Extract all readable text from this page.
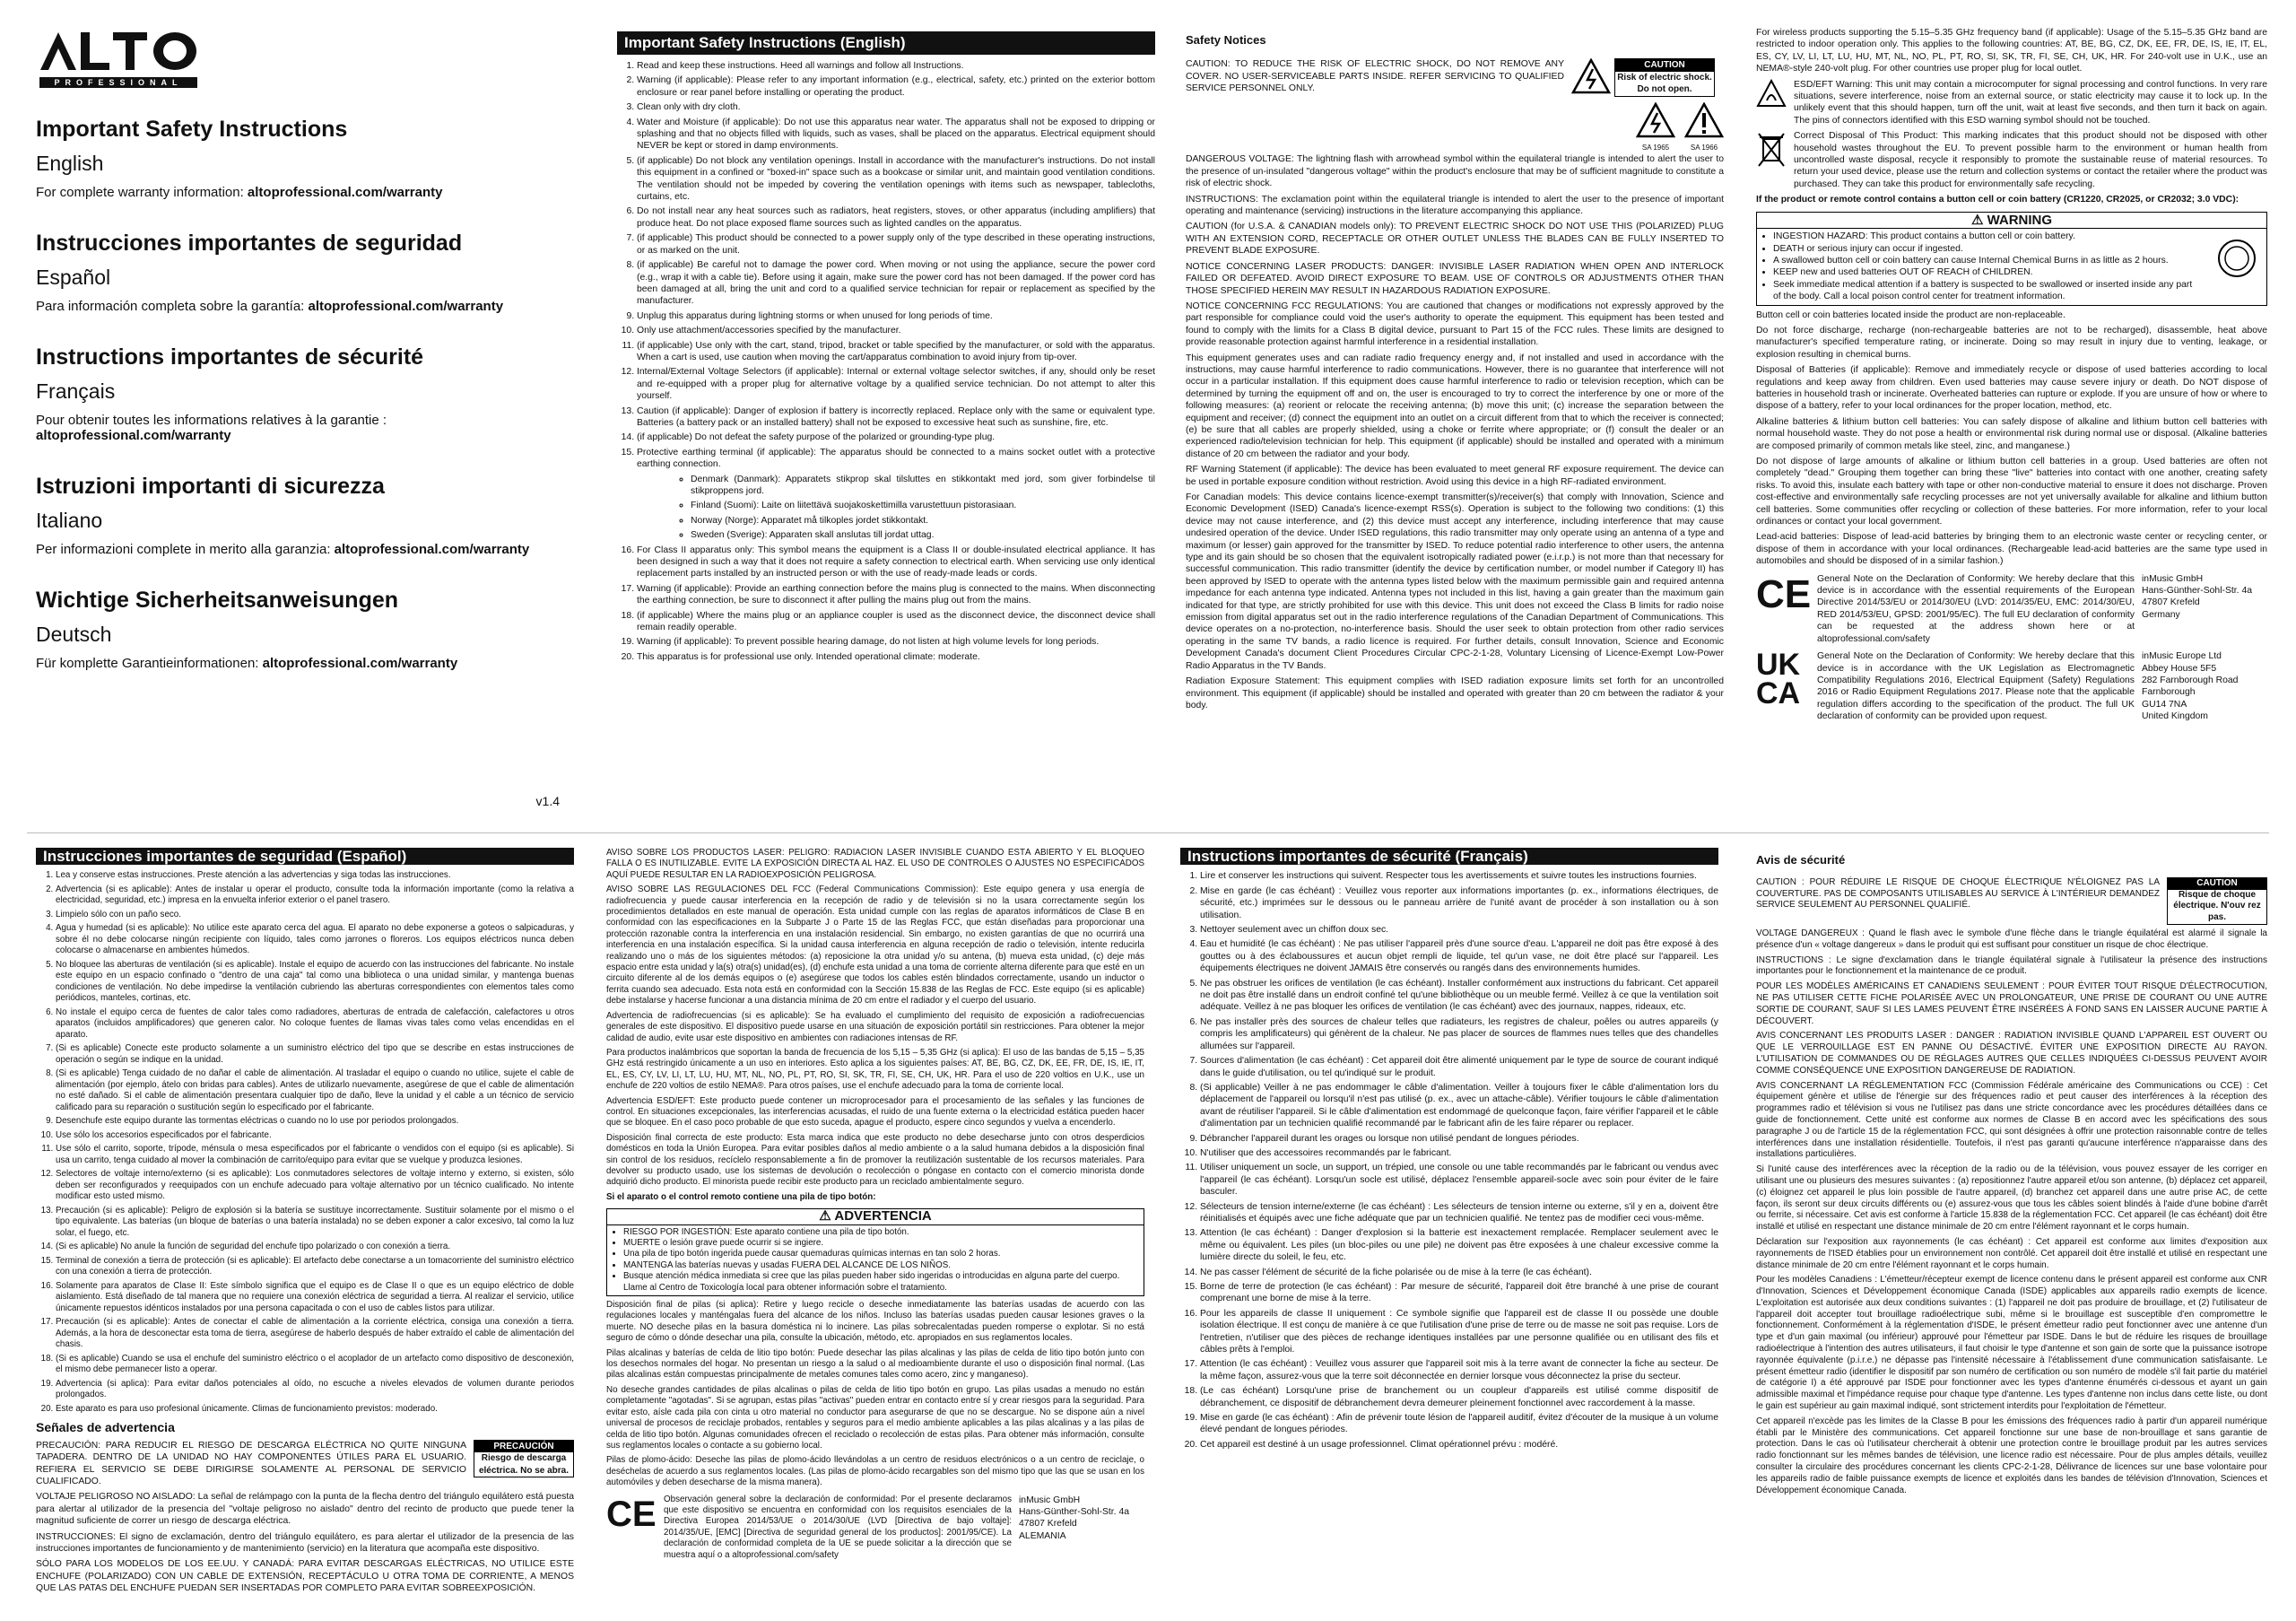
PROFESSIONAL
Important Safety Instructions
English
For complete warranty information: altoprofessional.com/warranty
Instrucciones importantes de seguridad
Español
Para información completa sobre la garantía: altoprofessional.com/warranty
Instructions importantes de sécurité
Français
Pour obtenir toutes les informations relatives à la garantie : altoprofessional.com/warranty
Istruzioni importanti di sicurezza
Italiano
Per informazioni complete in merito alla garanzia: altoprofessional.com/warranty
Wichtige Sicherheitsanweisungen
Deutsch
Für komplette Garantieinformationen: altoprofessional.com/warranty
v1.4
Important Safety Instructions (English)
1. Read and keep these instructions. Heed all warnings and follow all Instructions.
2. Warning (if applicable): Please refer to any important information (e.g., electrical, safety, etc.) printed on the exterior bottom enclosure or rear panel before installing or operating the product.
3. Clean only with dry cloth.
4. Water and Moisture (if applicable): Do not use this apparatus near water. The apparatus shall not be exposed to dripping or splashing and that no objects filled with liquids, such as vases, shall be placed on the apparatus. Electrical equipment should NEVER be kept or stored in damp environments.
5. (if applicable) Do not block any ventilation openings. Install in accordance with the manufacturer's instructions. Do not install this equipment in a confined or "boxed-in" space such as a bookcase or similar unit, and maintain good ventilation conditions. The ventilation should not be impeded by covering the ventilation openings with items such as newspaper, tablecloths, curtains, etc.
6. Do not install near any heat sources such as radiators, heat registers, stoves, or other apparatus (including amplifiers) that produce heat. Do not place exposed flame sources such as lighted candles on the apparatus.
7. (if applicable) This product should be connected to a power supply only of the type described in these operating instructions, or as marked on the unit.
8. (if applicable) Be careful not to damage the power cord. When moving or not using the appliance, secure the power cord (e.g., wrap it with a cable tie). Before using it again, make sure the power cord has not been damaged. If the power cord has been damaged at all, bring the unit and cord to a qualified service technician for repair or replacement as specified by the manufacturer.
9. Unplug this apparatus during lightning storms or when unused for long periods of time.
10. Only use attachment/accessories specified by the manufacturer.
11. (if applicable) Use only with the cart, stand, tripod, bracket or table specified by the manufacturer, or sold with the apparatus. When a cart is used, use caution when moving the cart/apparatus combination to avoid injury from tip-over.
12. Internal/External Voltage Selectors (if applicable): Internal or external voltage selector switches, if any, should only be reset and re-equipped with a proper plug for alternative voltage by a qualified service technician. Do not attempt to alter this yourself.
13. Caution (if applicable): Danger of explosion if battery is incorrectly replaced. Replace only with the same or equivalent type. Batteries (a battery pack or an installed battery) shall not be exposed to excessive heat such as sunshine, fire, etc.
14. (if applicable) Do not defeat the safety purpose of the polarized or grounding-type plug.
15. Protective earthing terminal (if applicable): The apparatus should be connected to a mains socket outlet with a protective earthing connection.
◦ Denmark (Danmark): Apparatets stikprop skal tilsluttes en stikkontakt med jord, som giver forbindelse til stikproppens jord.
◦ Finland (Suomi): Laite on liitettävä suojakoskettimilla varustettuun pistorasiaan.
◦ Norway (Norge): Apparatet må tilkoples jordet stikkontakt.
◦ Sweden (Sverige): Apparaten skall anslutas till jordat uttag.
16. For Class II apparatus only: This symbol means the equipment is a Class II or double-insulated electrical appliance. It has been designed in such a way that it does not require a safety connection to electrical earth. When servicing use only identical replacement parts installed by an instructed person or with the use of ready-made leads or cords.
17. Warning (if applicable): Provide an earthing connection before the mains plug is connected to the mains. When disconnecting the earthing connection, be sure to disconnect it after pulling the mains plug out from the mains.
18. (if applicable) Where the mains plug or an appliance coupler is used as the disconnect device, the disconnect device shall remain readily operable.
19. Warning (if applicable): To prevent possible hearing damage, do not listen at high volume levels for long periods.
20. This apparatus is for professional use only. Intended operational climate: moderate.
Safety Notices

CAUTION: TO REDUCE THE RISK OF ELECTRIC SHOCK, DO NOT REMOVE ANY COVER. NO USER-SERVICEABLE PARTS INSIDE. REFER SERVICING TO QUALIFIED SERVICE PERSONNEL ONLY.

CAUTION
Risk of electric shock. Do not open.
SA 1965	SA 1966

DANGEROUS VOLTAGE: The lightning flash with arrowhead symbol within the equilateral triangle is intended to alert the user to the presence of un-insulated "dangerous voltage" within the product's enclosure that may be of sufficient magnitude to constitute a risk of electric shock.

INSTRUCTIONS: The exclamation point within the equilateral triangle is intended to alert the user to the presence of important operating and maintenance (servicing) instructions in the literature accompanying this appliance.

CAUTION (for U.S.A. & CANADIAN models only): TO PREVENT ELECTRIC SHOCK DO NOT USE THIS (POLARIZED) PLUG WITH AN EXTENSION CORD, RECEPTACLE OR OTHER OUTLET UNLESS THE BLADES CAN BE FULLY INSERTED TO PREVENT BLADE EXPOSURE.

NOTICE CONCERNING LASER PRODUCTS: DANGER: INVISIBLE LASER RADIATION WHEN OPEN AND INTERLOCK FAILED OR DEFEATED. AVOID DIRECT EXPOSURE TO BEAM. USE OF CONTROLS OR ADJUSTMENTS OTHER THAN THOSE SPECIFIED HEREIN MAY RESULT IN HAZARDOUS RADIATION EXPOSURE.

NOTICE CONCERNING FCC REGULATIONS: You are cautioned that changes or modifications not expressly approved by the part responsible for compliance could void the user's authority to operate the equipment. This equipment has been tested and found to comply with the limits for a Class B digital device, pursuant to Part 15 of the FCC rules. These limits are designed to provide reasonable protection against harmful interference in a residential installation.

This equipment generates uses and can radiate radio frequency energy and, if not installed and used in accordance with the instructions, may cause harmful interference to radio communications. However, there is no guarantee that interference will not occur in a particular installation. If this equipment does cause harmful interference to radio or television reception, which can be determined by turning the equipment off and on, the user is encouraged to try to correct the interference by one or more of the following measures: (a) reorient or relocate the receiving antenna; (b) move this unit; (c) increase the separation between the equipment and receiver; (d) connect the equipment into an outlet on a circuit different from that to which the receiver is connected; (e) be sure that all cables are properly shielded, using a choke or ferrite where appropriate; or (f) consult the dealer or an experienced radio/television technician for help. This equipment (if applicable) should be installed and operated with a minimum distance of 20 cm between the radiator and your body.

RF Warning Statement (if applicable): The device has been evaluated to meet general RF exposure requirement. The device can be used in portable exposure condition without restriction. Avoid using this device in a high RF-radiated environment.

For Canadian models: This device contains licence-exempt transmitter(s)/receiver(s) that comply with Innovation, Science and Economic Development (ISED) Canada's licence-exempt RSS(s). Operation is subject to the following two conditions: (1) this device may not cause interference, and (2) this device must accept any interference, including interference that may cause undesired operation of the device. Under ISED regulations, this radio transmitter may only operate using an antenna of a type and maximum (or lesser) gain approved for the transmitter by ISED. To reduce potential radio interference to other users, the antenna type and its gain should be so chosen that the equivalent isotropically radiated power (e.i.r.p.) is not more than that necessary for successful communication. This radio transmitter (identify the device by certification number, or model number if Category II) has been approved by ISED to operate with the antenna types listed below with the maximum permissible gain and required antenna impedance for each antenna type indicated. Antenna types not included in this list, having a gain greater than the maximum gain indicated for that type, are strictly prohibited for use with this device. This unit does not exceed the Class B limits for radio noise emission from digital apparatus set out in the radio interference regulations of the Canadian Department of Communications. This device operates on a no-protection, no-interference basis. Should the user seek to obtain protection from other radio services operating in the same TV bands, a radio licence is required. For further details, consult Innovation, Science and Economic Development Canada's document Client Procedures Circular CPC-2-1-28, Voluntary Licensing of Licence-Exempt Low-Power Radio Apparatus in the TV Bands.

Radiation Exposure Statement: This equipment complies with ISED radiation exposure limits set forth for an uncontrolled environment. This equipment (if applicable) should be installed and operated with greater than 20 cm between the radiator & your body.

For wireless products supporting the 5.15–5.35 GHz frequency band (if applicable): Usage of the 5.15–5.35 GHz band are restricted to indoor operation only. This applies to the following countries: AT, BE, BG, CZ, DK, EE, FR, DE, IS, IE, IT, EL, ES, CY, LV, LI, LT, LU, HU, MT, NL, NO, PL, PT, RO, SI, SK, TR, FI, SE, CH, UK, HR. For 240-volt use in U.K., use an NEMA®-style 240-volt plug. For other countries use proper plug for local outlet.

ESD/EFT Warning: This unit may contain a microcomputer for signal processing and control functions. In very rare situations, severe interference, noise from an external source, or static electricity may cause it to lock up. In the unlikely event that this should happen, turn off the unit, wait at least five seconds, and then turn it back on again. The pins of connectors identified with this ESD warning symbol should not be touched.

Correct Disposal of This Product: This marking indicates that this product should not be disposed with other household wastes throughout the EU. To prevent possible harm to the environment or human health from uncontrolled waste disposal, recycle it responsibly to promote the sustainable reuse of material resources. To return your used device, please use the return and collection systems or contact the retailer where the product was purchased. They can take this product for environmentally safe recycling.

If the product or remote control contains a button cell or coin battery (CR1220, CR2025, or CR2032; 3.0 VDC):

⚠ WARNING
• INGESTION HAZARD: This product contains a button cell or coin battery.
• DEATH or serious injury can occur if ingested.
• A swallowed button cell or coin battery can cause Internal Chemical Burns in as little as 2 hours.
• KEEP new and used batteries OUT OF REACH of CHILDREN.
• Seek immediate medical attention if a battery is suspected to be swallowed or inserted inside any part of the body. Call a local poison control center for treatment information.

Button cell or coin batteries located inside the product are non-replaceable.

Do not force discharge, recharge (non-rechargeable batteries are not to be recharged), disassemble, heat above manufacturer's specified temperature rating, or incinerate. Doing so may result in injury due to venting, leakage, or explosion resulting in chemical burns.

Disposal of Batteries (if applicable): Remove and immediately recycle or dispose of used batteries according to local regulations and keep away from children. Even used batteries may cause severe injury or death. Do NOT dispose of batteries in household trash or incinerate. Overheated batteries can rupture or explode. If you are unsure of how or where to dispose of a battery, refer to your local ordinances for the proper location, method, etc.

Alkaline batteries & lithium button cell batteries: You can safely dispose of alkaline and lithium button cell batteries with normal household waste. They do not pose a health or environmental risk during normal use or disposal. (Alkaline batteries are composed primarily of common metals like steel, zinc, and manganese.)

Do not dispose of large amounts of alkaline or lithium button cell batteries in a group. Used batteries are often not completely "dead." Grouping them together can bring these "live" batteries into contact with one another, creating safety risks. To avoid this, insulate each battery with tape or other non-conductive material to ensure it does not discharge. Proven cost-effective and environmentally safe recycling processes are not yet universally available for alkaline and lithium button cell batteries. Some communities offer recycling or collection of these batteries. For more information, refer to your local ordinances or contact your local government.

Lead-acid batteries: Dispose of lead-acid batteries by bringing them to an electronic waste center or recycling center, or dispose of them in accordance with your local ordinances. (Rechargeable lead-acid batteries are the same type used in automobiles and should be disposed of in a similar fashion.)

CE General Note on the Declaration of Conformity: We hereby declare that this device is in accordance with the essential requirements of the European Directive 2014/53/EU or 2014/30/EU (LVD: 2014/35/EU, EMC: 2014/30/EU, RED 2014/53/EU, GPSD: 2001/95/EC). The full EU declaration of conformity can be requested at the address shown here or at altoprofessional.com/safety

inMusic GmbH
Hans-Günther-Sohl-Str. 4a
47807 Krefeld
Germany
UK
CA

General Note on the Declaration of Conformity: We hereby declare that this device is in accordance with the UK Legislation as Electromagnetic Compatibility Regulations 2016, Electrical Equipment (Safety) Regulations 2016 or Radio Equipment Regulations 2017. Please note that the applicable regulation differs according to the specification of the product. The full UK declaration of conformity can be provided upon request.

inMusic Europe Ltd
Abbey House 5F5
282 Farnborough Road
Farnborough
GU14 7NA
United Kingdom
Instrucciones importantes de seguridad (Español)
1. Lea y conserve estas instrucciones. Preste atención a las advertencias y siga todas las instrucciones.
2. Advertencia (si es aplicable): Antes de instalar u operar el producto, consulte toda la información importante (como la relativa a electricidad, seguridad, etc.) impresa en la envuelta inferior exterior o el panel trasero.
3. Limpielo sólo con un paño seco.
4. Agua y humedad (si es aplicable): No utilice este aparato cerca del agua. El aparato no debe exponerse a goteos o salpicaduras, y sobre él no debe colocarse ningún recipiente con líquido, tales como jarrones o floreros. Los equipos eléctricos nunca deben colocarse o almacenarse en ambientes húmedos.
5. No bloquee las aberturas de ventilación (si es aplicable). Instale el equipo de acuerdo con las instrucciones del fabricante. No instale este equipo en un espacio confinado o "dentro de una caja" tal como una biblioteca o una unidad similar, y mantenga buenas condiciones de ventilación. No debe impedirse la ventilación cubriendo las aberturas correspondientes con elementos tales como periódicos, manteles, cortinas, etc.
6. No instale el equipo cerca de fuentes de calor tales como radiadores, aberturas de entrada de calefacción, calefactores u otros aparatos (incluidos amplificadores) que generen calor. No coloque fuentes de llamas vivas tales como velas encendidas en el aparato.
7. (Si es aplicable) Conecte este producto solamente a un suministro eléctrico del tipo que se describe en estas instrucciones de operación o según se indique en la unidad.
8. (Si es aplicable) Tenga cuidado de no dañar el cable de alimentación. Al trasladar el equipo o cuando no utilice, sujete el cable de alimentación (por ejemplo, átelo con bridas para cables). Antes de utilizarlo nuevamente, asegúrese de que el cable de alimentación no esté dañado. Si el cable de alimentación presentara cualquier tipo de daño, lleve la unidad y el cable a un técnico de servicio calificado para su reparación o sustitución según lo especificado por el fabricante.
9. Desenchufe este equipo durante las tormentas eléctricas o cuando no lo use por periodos prolongados.
10. Use sólo los accesorios especificados por el fabricante.
11. Use sólo el carrito, soporte, trípode, ménsula o mesa especificados por el fabricante o vendidos con el equipo (si es aplicable). Si usa un carrito, tenga cuidado al mover la combinación de carrito/equipo para evitar que se vuelque y produzca lesiones.
12. Selectores de voltaje interno/externo (si es aplicable): Los conmutadores selectores de voltaje interno y externo, si existen, sólo deben ser reconfigurados y reequipados con un enchufe adecuado para voltaje alternativo por un técnico cualificado. No intente modificar esto usted mismo.
13. Precaución (si es aplicable): Peligro de explosión si la batería se sustituye incorrectamente. Sustituir solamente por el mismo o el tipo equivalente. Las baterías (un bloque de baterías o una batería instalada) no se deben exponer a calor excesivo, tal como la luz solar, el fuego, etc.
14. (Si es aplicable) No anule la función de seguridad del enchufe tipo polarizado o con conexión a tierra.
15. Terminal de conexión a tierra de protección (si es aplicable): El artefacto debe conectarse a un tomacorriente del suministro eléctrico con una conexión a tierra de protección.
16. Solamente para aparatos de Clase II: Este símbolo significa que el equipo es de Clase II o que es un equipo eléctrico de doble aislamiento. Está diseñado de tal manera que no requiere una conexión eléctrica de seguridad a tierra. Al realizar el servicio, utilice únicamente repuestos idénticos instalados por una persona capacitada o con el uso de cables listos para utilizar.
17. Precaución (si es aplicable): Antes de conectar el cable de alimentación a la corriente eléctrica, consiga una conexión a tierra. Además, a la hora de desconectar esta toma de tierra, asegúrese de haberlo después de haber extraído el cable de alimentación del chasis.
18. (Si es aplicable) Cuando se usa el enchufe del suministro eléctrico o el acoplador de un artefacto como dispositivo de desconexión, el mismo debe permanecer listo a operar.
19. Advertencia (si aplica): Para evitar daños potenciales al oído, no escuche a niveles elevados de volumen durante periodos prolongados.
20. Este aparato es para uso profesional únicamente. Climas de funcionamiento previstos: moderado.
Señales de advertencia

PRECAUCIÓN: PARA REDUCIR EL RIESGO DE DESCARGA ELÉCTRICA NO QUITE NINGUNA TAPADERA. DENTRO DE LA UNIDAD NO HAY COMPONENTES ÚTILES PARA EL USUARIO. REFIERA EL SERVICIO SE DEBE DIRIGIRSE SOLAMENTE AL PERSONAL DE SERVICIO CUALIFICADO.

PRECAUCIÓN
Riesgo de descarga eléctrica. No se abra.

VOLTAJE PELIGROSO NO AISLADO: La señal de relámpago con la punta de la flecha dentro del triángulo equilátero está puesta para alertar al utilizador de la presencia del "voltaje peligroso no aislado" dentro del recinto de producto que puede tener la magnitud suficiente de correr un riesgo de descarga eléctrica.

INSTRUCCIONES: El signo de exclamación, dentro del triángulo equilátero, es para alertar el utilizador de la presencia de las instrucciones importantes de funcionamiento y de mantenimiento (servicio) en la literatura que acompaña este dispositivo.

SÓLO PARA LOS MODELOS DE LOS EE.UU. Y CANADÁ: PARA EVITAR DESCARGAS ELÉCTRICAS, NO UTILICE ESTE ENCHUFE (POLARIZADO) CON UN CABLE DE EXTENSIÓN, RECEPTÁCULO U OTRA TOMA DE CORRIENTE, A MENOS QUE LAS PATAS DEL ENCHUFE PUEDAN SER INSERTADAS POR COMPLETO PARA EVITAR SOBREEXPOSICIÓN.

AVISO SOBRE LOS PRODUCTOS LÁSER: PELIGRO: RADIACIÓN LÁSER INVISIBLE CUANDO ESTÁ ABIERTO Y EL BLOQUEO FALLA O ES INUTILIZABLE. EVITE LA EXPOSICIÓN DIRECTA AL HAZ. EL USO DE CONTROLES O AJUSTES NO ESPECIFICADOS AQUÍ PUEDE RESULTAR EN LA RADIOEXPOSICIÓN PELIGROSA.

AVISO SOBRE LAS REGULACIONES DEL FCC (Federal Communications Commission): Este equipo genera y usa energía de radiofrecuencia y puede causar interferencia en la recepción de radio y de televisión si no la usara correctamente según los procedimientos detallados en este manual de operación. Esta unidad cumple con las reglas de aparatos informáticos de Clase B en conformidad con las especificaciones en la Subparte J o Parte 15 de las Reglas FCC, que están diseñadas para proporcionar una protección razonable contra la interferencia en una instalación residencial. Sin embargo, no existen garantías de que no ocurrirá una interferencia en una instalación específica. Si la unidad causa interferencia en alguna recepción de radio o televisión, intente reducirla realizando uno o más de los siguientes métodos: (a) reposicione la otra unidad y/o su antena, (b) mueva esta unidad, (c) deje más espacio entre esta unidad y la(s) otra(s) unidad(es), (d) enchufe esta unidad a una toma de corriente alterna diferente para que esté en un circuito diferente al de los demás equipos o (e) asegúrese que todos los cables estén blindados correctamente, usando un inductor o ferrita cuando sea adecuado. Esta nota está en conformidad con la Sección 15.838 de las Reglas de FCC. Este equipo (si es aplicable) debe instalarse y hacerse funcionar a una distancia mínima de 20 cm entre el radiador y el cuerpo del usuario.

Advertencia de radiofrecuencias (si es aplicable): Se ha evaluado el cumplimiento del requisito de exposición a radiofrecuencias generales de este dispositivo. El dispositivo puede usarse en una situación de exposición portátil sin restricciones. Para obtener la mejor calidad de audio, evite usar este dispositivo en ambientes con radiaciones intensas de RF.

Para productos inalámbricos que soportan la banda de frecuencia de los 5,15 – 5,35 GHz (si aplica): El uso de las bandas de 5,15 – 5,35 GHz está restringido únicamente a un uso en interiores. Esto aplica a los siguientes países: AT, BE, BG, CZ, DK, EE, FR, DE, IS, IE, IT, EL, ES, CY, LV, LI, LT, LU, HU, MT, NL, NO, PL, PT, RO, SI, SK, TR, FI, SE, CH, UK, HR. Para el uso de 220 voltios en U.K., use un enchufe de 220 voltios de estilo NEMA®. Para otros países, use el enchufe adecuado para la toma de corriente local.

Advertencia ESD/EFT: Este producto puede contener un microprocesador para el procesamiento de las señales y las funciones de control. En situaciones excepcionales, las interferencias acusadas, el ruido de una fuente externa o la electricidad estática pueden hacer que se bloquee. En el caso poco probable de que esto suceda, apague el producto, espere cinco segundos y vuelva a encenderlo.

Disposición final correcta de este producto: Esta marca indica que este producto no debe desecharse junto con otros desperdicios domésticos en toda la Unión Europea. Para evitar posibles daños al medio ambiente o a la salud humana debidos a la disposición final sin control de los residuos, recíclelo responsablemente a fin de promover la reutilización sustentable de los recursos materiales. Para devolver su producto usado, use los sistemas de devolución o recolección o póngase en contacto con el comercio minorista donde adquirió dicho producto. El minorista puede recibir este producto para un reciclado ambientalmente seguro.

Si el aparato o el control remoto contiene una pila de tipo botón:

⚠ ADVERTENCIA
• RIESGO POR INGESTIÓN: Este aparato contiene una pila de tipo botón.
• MUERTE o lesión grave puede ocurrir si se ingiere.
• Una pila de tipo botón ingerida puede causar quemaduras químicas internas en tan solo 2 horas.
• MANTENGA las baterías nuevas y usadas FUERA DEL ALCANCE DE LOS NIÑOS.
• Busque atención médica inmediata si cree que las pilas pueden haber sido ingeridas o introducidas en alguna parte del cuerpo. Llame al Centro de Toxicología local para obtener información sobre el tratamiento.

Disposición final de pilas (si aplica): Retire y luego recicle o deseche inmediatamente las baterías usadas de acuerdo con las regulaciones locales y manténgalas fuera del alcance de los niños. Incluso las baterías usadas pueden causar lesiones graves o la muerte. NO deseche pilas en la basura doméstica ni lo incinere. Las pilas sobrecalentadas pueden romperse o explotar. Si no está seguro de cómo o dónde desechar una pila, consulte la ubicación, método, etc. apropiados en sus reglamentos locales.

Pilas alcalinas y baterías de celda de litio tipo botón: Puede desechar las pilas alcalinas y las pilas de celda de litio tipo botón junto con los desechos normales del hogar. No presentan un riesgo a la salud o al medioambiente durante el uso o disposición final normal. (Las pilas alcalinas están compuestas principalmente de metales comunes tales como acero, zinc y manganeso).

No deseche grandes cantidades de pilas alcalinas o pilas de celda de litio tipo botón en grupo. Las pilas usadas a menudo no están completamente "agotadas". Si se agrupan, estas pilas "activas" pueden entrar en contacto entre sí y crear riesgos para la seguridad. Para evitar esto, aísle cada pila con cinta u otro material no conductor para asegurarse de que no se descargue. No se dispone aún a nivel universal de procesos de reciclaje probados, rentables y seguros para el medio ambiente aplicables a las pilas alcalinas y a las pilas de celda de litio tipo botón. Algunas comunidades ofrecen el reciclado o recolección de estas pilas. Para obtener más información, consulte sus reglamentos locales o contacte a su gobierno local.

Pilas de plomo-ácido: Deseche las pilas de plomo-ácido llevándolas a un centro de residuos electrónicos o a un centro de reciclaje, o deséchelas de acuerdo a sus reglamentos locales. (Las pilas de plomo-ácido recargables son del mismo tipo que las que se usan en los automóviles y deben desecharse de la misma manera).

CE Observación general sobre la declaración de conformidad: Por el presente declaramos que este dispositivo se encuentra en conformidad con los requisitos esenciales de la Directiva Europea 2014/53/UE o 2014/30/UE (LVD [Directiva de bajo voltaje]: 2014/35/UE, [EMC] [Directiva de seguridad general de los productos]: 2001/95/CE). La declaración de conformidad completa de la UE se puede solicitar a la dirección que se muestra aquí o a altoprofessional.com/safety

inMusic GmbH
Hans-Günther-Sohl-Str. 4a
47807 Krefeld
ALEMANIA
Instructions importantes de sécurité (Français)
1. Lire et conserver les instructions qui suivent. Respecter tous les avertissements et suivre toutes les instructions fournies.
2. Mise en garde (le cas échéant) : Veuillez vous reporter aux informations importantes (p. ex., informations électriques, de sécurité, etc.) imprimées sur le dessous ou le panneau arrière de l'unité avant de procéder à son installation ou à son utilisation.
3. Nettoyer seulement avec un chiffon doux sec.
4. Eau et humidité (le cas échéant) : Ne pas utiliser l'appareil près d'une source d'eau. L'appareil ne doit pas être exposé à des gouttes ou à des éclaboussures et aucun objet rempli de liquide, tel qu'un vase, ne doit être placé sur l'appareil. Les équipements électriques ne doivent JAMAIS être conservés ou rangés dans des environnements humides.
5. Ne pas obstruer les orifices de ventilation (le cas échéant). Installer conformément aux instructions du fabricant. Cet appareil ne doit pas être installé dans un endroit confiné tel qu'une bibliothèque ou un meuble fermé. Veillez à ce que la ventilation soit adéquate. Veillez à ne pas bloquer les orifices de ventilation (le cas échéant) avec des journaux, nappes, rideaux, etc.
6. Ne pas installer près des sources de chaleur telles que radiateurs, les registres de chaleur, poêles ou autres appareils (y compris les amplificateurs) qui génèrent de la chaleur. Ne pas placer de sources de flammes nues telles que des chandelles allumées sur l'appareil.
7. Sources d'alimentation (le cas échéant) : Cet appareil doit être alimenté uniquement par le type de source de courant indiqué dans le guide d'utilisation, ou tel qu'indiqué sur le produit.
8. (Si applicable) Veiller à ne pas endommager le câble d'alimentation. Veiller à toujours fixer le câble d'alimentation lors du déplacement de l'appareil ou lorsqu'il n'est pas utilisé (p. ex., avec un attache-câble). Vérifier toujours le câble d'alimentation avant de réutiliser l'appareil. Si le câble d'alimentation est endommagé de quelconque façon, faire vérifier l'appareil et le câble d'alimentation par un technicien qualifié recommandé par le fabricant afin de les faire réparer ou replacer.
9. Débrancher l'appareil durant les orages ou lorsque non utilisé pendant de longues périodes.
10. N'utiliser que des accessoires recommandés par le fabricant.
11. Utiliser uniquement un socle, un support, un trépied, une console ou une table recommandés par le fabricant ou vendus avec l'appareil (le cas échéant). Lorsqu'un socle est utilisé, déplacez l'ensemble appareil-socle avec soin pour éviter de le faire basculer.
12. Sélecteurs de tension interne/externe (le cas échéant) : Les sélecteurs de tension interne ou externe, s'il y en a, doivent être réinitialisés et équipés avec une fiche adéquate que par un technicien qualifié. Ne tentez pas de modifier ceci vous-même.
13. Attention (le cas échéant) : Danger d'explosion si la batterie est inexactement remplacée. Remplacer seulement avec le même ou équivalent. Les piles (un bloc-piles ou une pile) ne doivent pas être exposées à une chaleur excessive comme la lumière directe du soleil, le feu, etc.
14. Ne pas casser l'élément de sécurité de la fiche polarisée ou de mise à la terre (le cas échéant).
15. Borne de terre de protection (le cas échéant) : Par mesure de sécurité, l'appareil doit être branché à une prise de courant comprenant une borne de mise à la terre.
16. Pour les appareils de classe II uniquement : Ce symbole signifie que l'appareil est de classe II ou possède une double isolation électrique. Il est conçu de manière à ce que l'utilisation d'une prise de terre ou de masse ne soit pas requise. Lors de l'entretien, n'utiliser que des pièces de rechange identiques installées par une personne qualifiée ou en utilisant des fils et câbles prêts à l'emploi.
17. Attention (le cas échéant) : Veuillez vous assurer que l'appareil soit mis à la terre avant de connecter la fiche au secteur. De la même façon, assurez-vous que la terre soit déconnectée en dernier lorsque vous déconnectez la prise du secteur.
18. (Le cas échéant) Lorsqu'une prise de branchement ou un coupleur d'appareils est utilisé comme dispositif de débranchement, ce dispositif de débranchement devra demeurer pleinement fonctionnel avec raccordement à la masse.
19. Mise en garde (le cas échéant) : Afin de prévenir toute lésion de l'appareil auditif, évitez d'écouter de la musique à un volume élevé pendant de longues périodes.
20. Cet appareil est destiné à un usage professionnel. Climat opérationnel prévu : modéré.
Avis de sécurité

CAUTION : POUR RÉDUIRE LE RISQUE DE CHOQUE ÉLECTRIQUE N'ÉLOIGNEZ PAS LA COUVERTURE. PAS DE COMPOSANTS UTILISABLES AU SERVICE À L'INTÉRIEUR DEMANDEZ SERVICE SEULEMENT AU PERSONNEL QUALIFIÉ.

CAUTION
Risque de choque électrique. N'ouv rez pas.

VOLTAGE DANGEREUX : Quand le flash avec le symbole d'une flèche dans le triangle équilatéral est alarmé il signale la présence d'un « voltage dangereux » dans le produit qui est suffisant pour constituer un risque de choc électrique.

INSTRUCTIONS : Le signe d'exclamation dans le triangle équilatéral signale à l'utilisateur la présence des instructions importantes pour le fonctionnement et la maintenance de ce produit.

POUR LES MODÈLES AMÉRICAINS ET CANADIENS SEULEMENT : POUR ÉVITER TOUT RISQUE D'ÉLECTROCUTION, NE PAS UTILISER CETTE FICHE POLARISÉE AVEC UN PROLONGATEUR, UNE PRISE DE COURANT OU UNE AUTRE SORTIE DE COURANT, SAUF SI LES LAMES PEUVENT ÊTRE INSÉRÉES À FOND SANS EN LAISSER AUCUNE PARTIE À DÉCOUVERT.

AVIS CONCERNANT LES PRODUITS LASER : DANGER : RADIATION INVISIBLE QUAND L'APPAREIL EST OUVERT OU QUE LE VERROUILLAGE EST EN PANNE OU DÉSACTIVÉ. ÉVITER UNE EXPOSITION DIRECTE AU RAYON. L'UTILISATION DE COMMANDES OU DE RÉGLAGES AUTRES QUE CELLES INDIQUÉES CI-DESSUS PEUVENT AVOIR COMME CONSÉQUENCE UNE EXPOSITION DANGEREUSE DE RADIATION.

AVIS CONCERNANT LA RÉGLEMENTATION FCC (Commission Fédérale américaine des Communications ou CCE) : Cet équipement génère et utilise de l'énergie sur des fréquences radio et peut causer des interférences à la réception des programmes radio et télévision si vous ne l'utilisez pas dans une stricte concordance avec les procédures détaillées dans ce guide de fonctionnement. Cette unité est conforme aux normes de Classe B en accord avec les spécifications des sous paragraphe J ou de l'article 15 de la réglementation FCC, qui sont désignées à offrir une protection raisonnable contre de telles interférences dans une installation résidentielle. Toutefois, il n'est pas garanti qu'aucune interférence n'apparaisse dans des installations particulières.

Si l'unité cause des interférences avec la réception de la radio ou de la télévision, vous pouvez essayer de les corriger en utilisant une ou plusieurs des mesures suivantes : (a) repositionnez l'autre appareil et/ou son antenne, (b) déplacez cet appareil, (c) éloignez cet appareil le plus loin possible de l'autre appareil, (d) branchez cet appareil dans une autre prise AC, de cette façon, ils seront sur deux circuits différents ou (e) assurez-vous que tous les câbles soient blindés à l'aide d'une bobine d'arrêt ou ferrite, si nécessaire. Cet avis est conforme à l'article 15.838 de la réglementation FCC. Cet appareil (le cas échéant) doit être installé et utilisé en respectant une distance minimale de 20 cm entre l'élément rayonnant et le corps humain.

Déclaration sur l'exposition aux rayonnements (le cas échéant) : Cet appareil est conforme aux limites d'exposition aux rayonnements de l'ISED établies pour un environnement non contrôlé. Cet appareil doit être installé et utilisé en respectant une distance minimale de 20 cm entre l'élément rayonnant et le corps humain.

Pour les modèles Canadiens : L'émetteur/récepteur exempt de licence contenu dans le présent appareil est conforme aux CNR d'Innovation, Sciences et Développement économique Canada (ISDE) applicables aux appareils radio exempts de licence. L'exploitation est autorisée aux deux conditions suivantes : (1) l'appareil ne doit pas produire de brouillage, et (2) l'utilisateur de l'appareil doit accepter tout brouillage radioélectrique subi, même si le brouillage est susceptible d'en compromettre le fonctionnement. Conformément à la réglementation d'ISDE, le présent émetteur radio peut fonctionner avec une antenne d'un type et d'un gain maximal (ou inférieur) approuvé pour l'émetteur par ISDE. Dans le but de réduire les risques de brouillage radioélectrique à l'intention des autres utilisateurs, il faut choisir le type d'antenne et son gain de sorte que la puissance isotrope rayonnée équivalente (p.i.r.e.) ne dépasse pas l'intensité nécessaire à l'établissement d'une communication satisfaisante. Le présent émetteur radio (identifier le dispositif par son numéro de certification ou son numéro de modèle s'il fait partie du matériel de catégorie I) a été approuvé par ISDE pour fonctionner avec les types d'antenne énumérés ci-dessous et ayant un gain admissible maximal et l'impédance requise pour chaque type d'antenne. Les types d'antenne non inclus dans cette liste, ou dont le gain est supérieur au gain maximal indiqué, sont strictement interdits pour l'exploitation de l'émetteur.

Cet appareil n'excède pas les limites de la Classe B pour les émissions des fréquences radio à partir d'un appareil numérique établi par le Ministère des communications. Cet appareil fonctionne sur une base de non-brouillage et sans garantie de protection. Dans le cas où l'utilisateur chercherait à obtenir une protection contre le brouillage produit par les autres services radio fonctionnant sur les mêmes bandes de télévision, une licence radio est nécessaire. Pour de plus amples détails, veuillez consulter la circulaire des procédures concernant les clients CPC-2-1-28, Délivrance de licences sur une base volontaire pour les appareils radio de faible puissance exempts de licence et exploités dans les bandes de télévision d'Innovation, Sciences et Développement économique Canada.
